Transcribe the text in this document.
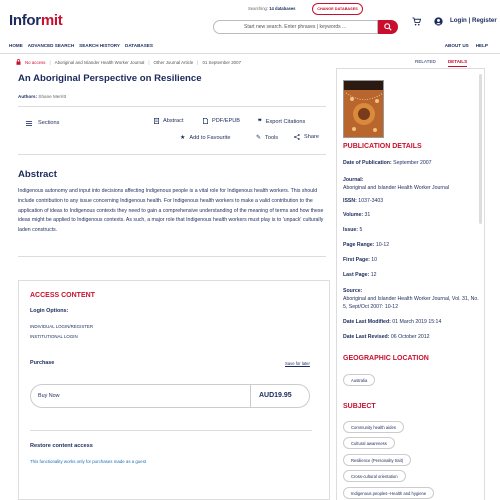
Informit
Searching: 14 databases	CHANGE DATABASES
Start new search. Enter phrases | keywords ...
Login | Register
HOME ADVANCED SEARCH SEARCH HISTORY DATABASES	ABOUT US HELP
No access | Aboriginal and Islander Health Worker Journal | Other Journal Article | 01 September 2007
An Aboriginal Perspective on Resilience
Authors: Shane Merritt
Sections	Abstract	PDF/EPUB	❞ Export Citations
★ Add to Favourite	✎ Tools	Share
Abstract
Indigenous autonomy and input into decisions affecting Indigenous people is a vital role for Indigenous health workers. This should include contribution to any issue concerning Indigenous health. For Indigenous health workers to make a valid contribution to the application of ideas to Indigenous contexts they need to gain a comprehensive understanding of the meaning of terms and how these ideas might be applied to Indigenous contexts. As such, a major role that Indigenous health workers must play is to 'unpack' culturally laden constructs.
ACCESS CONTENT
Login Options:
INDIVIDUAL LOGIN/REGISTER
INSTITUTIONAL LOGIN
Purchase	Save for later
Buy Now	AUD19.95
Restore content access
This functionality works only for purchases made as a guest
RELATED	DETAILS
PUBLICATION DETAILS
Date of Publication: September 2007
Journal:
Aboriginal and Islander Health Worker Journal
ISSN: 1037-3403
Volume: 31
Issue: 5
Page Range: 10-12
First Page: 10
Last Page: 12
Source:
Aboriginal and Islander Health Worker Journal, Vol. 31, No. 5, Sept/Oct 2007: 10-12
Date Last Modified: 01 March 2019 15:14
Date Last Revised: 06 October 2012
GEOGRAPHIC LOCATION
Australia
SUBJECT
Community health aides
Cultural awareness
Resilience (Personality trait)
Cross-cultural orientation
Indigenous peoples--Health and hygiene
